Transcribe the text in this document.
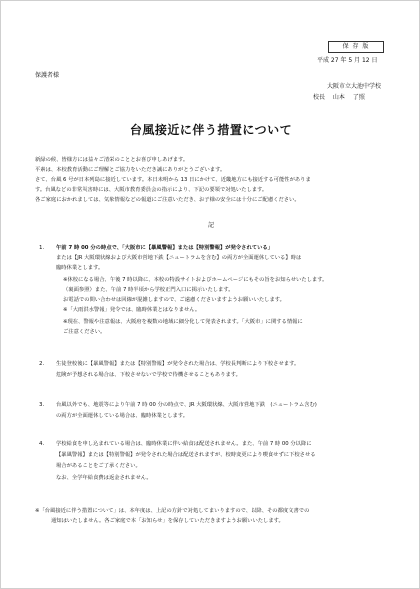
保 存 版
平成 27 年 5 月 12 日
保護者様
大阪市立大池中学校
校長　 山本　 了照
台風接近に伴う措置について
新緑の候、皆様方には益々ご清栄のこととお喜び申しあげます。
平素は、本校教育活動にご理解とご協力をいただき誠にありがとうございます。
さて、台風 6 号が日本列島に接近しています。本日未明から 13 日にかけて、近畿地方にも接近する可能性がありま
す。台風などの非常災害時には、大阪市教育委員会の指示により、下記の要領で対処いたします。
各ご家庭におかれましては、気象情報などの報道にご注意いただき、お子様の安全には十分にご配慮ください。
記
1. 午前 7 時 00 分の時点で、「大阪市に【暴風警報】または【特別警報】が発令されている」
または【JR 大阪環状線および大阪市営地下鉄【ニュートラムを含む】の両方が全面運休している】時は
臨時休業とします。
※休校になる場合、午後 7 時以降に、本校の特設サイトおよびホームページにもその旨をお知らせいたします。
（裏面参照）また、午前 7 時半頃から学校正門入口に掲示いたします。
お電話での問い合わせは回線が混雑しますので、ご遠慮くださいますようお願いいたします。
※「大雨洪水警報」発令では、臨時休業とはなりません。
※現在、警報や注意報は、大阪府を複数の地域に細分化して発表されます。「大阪市」に関する情報に
ご注意ください。
2. 生徒登校後に【暴風警報】または【特別警報】が発令された場合は、学校長判断により下校させます。
危険が予想される場合は、下校させないで学校で待機させることもあります。
3. 台風以外でも、地震等により午前 7 時 00 分の時点で、JR 大阪環状線、大阪市営地下鉄　(ニュートラム含む)
の両方が全面運休している場合は、臨時休業とします。
4. 学校給食を申し込まれている場合は、臨時休業に伴い給食は配送されません。また、午前 7 時 00 分以降に
【暴風警報】または【特別警報】が発令された場合は配送されますが、校時変更により喫食せずに下校させる
場合があることをご了承ください。
なお、全学年給食費は返金されません。
※「台風接近に伴う措置について」は、本年度は、上記の方針で対処してまいりますので、以降、その都度文書での
通知はいたしません。各ご家庭で本「お知らせ」を保存していただきますようお願いいたします。
